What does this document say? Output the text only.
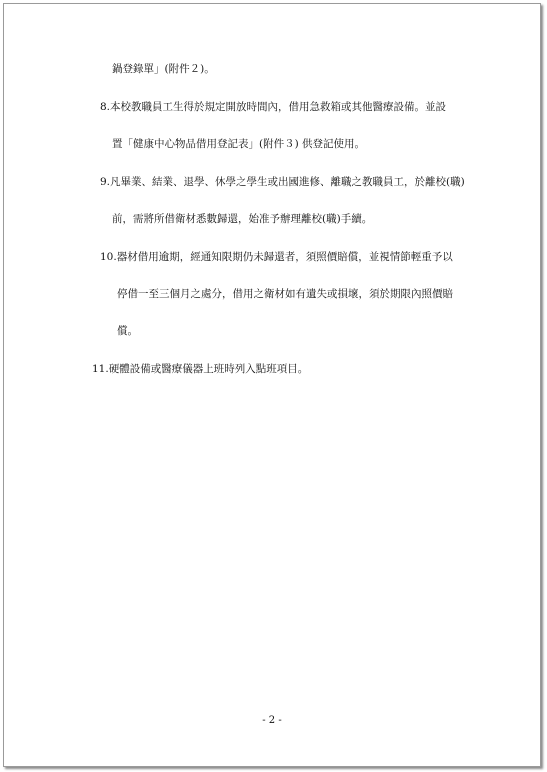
鍋登錄單」(附件２)。
8.本校教職員工生得於規定開放時間內，借用急救箱或其他醫療設備。並設
置「健康中心物品借用登記表」(附件３) 供登記使用。
9.凡畢業、結業、退學、休學之學生或出國進修、離職之教職員工，於離校(職)
前，需將所借衛材悉數歸還，始准予辦理離校(職)手續。
10.器材借用逾期，經通知限期仍未歸還者，須照價賠償，並視情節輕重予以
停借一至三個月之處分，借用之衛材如有遺失或損壞，須於期限內照價賠
償。
11.硬體設備或醫療儀器上班時列入點班項目。
- 2 -
